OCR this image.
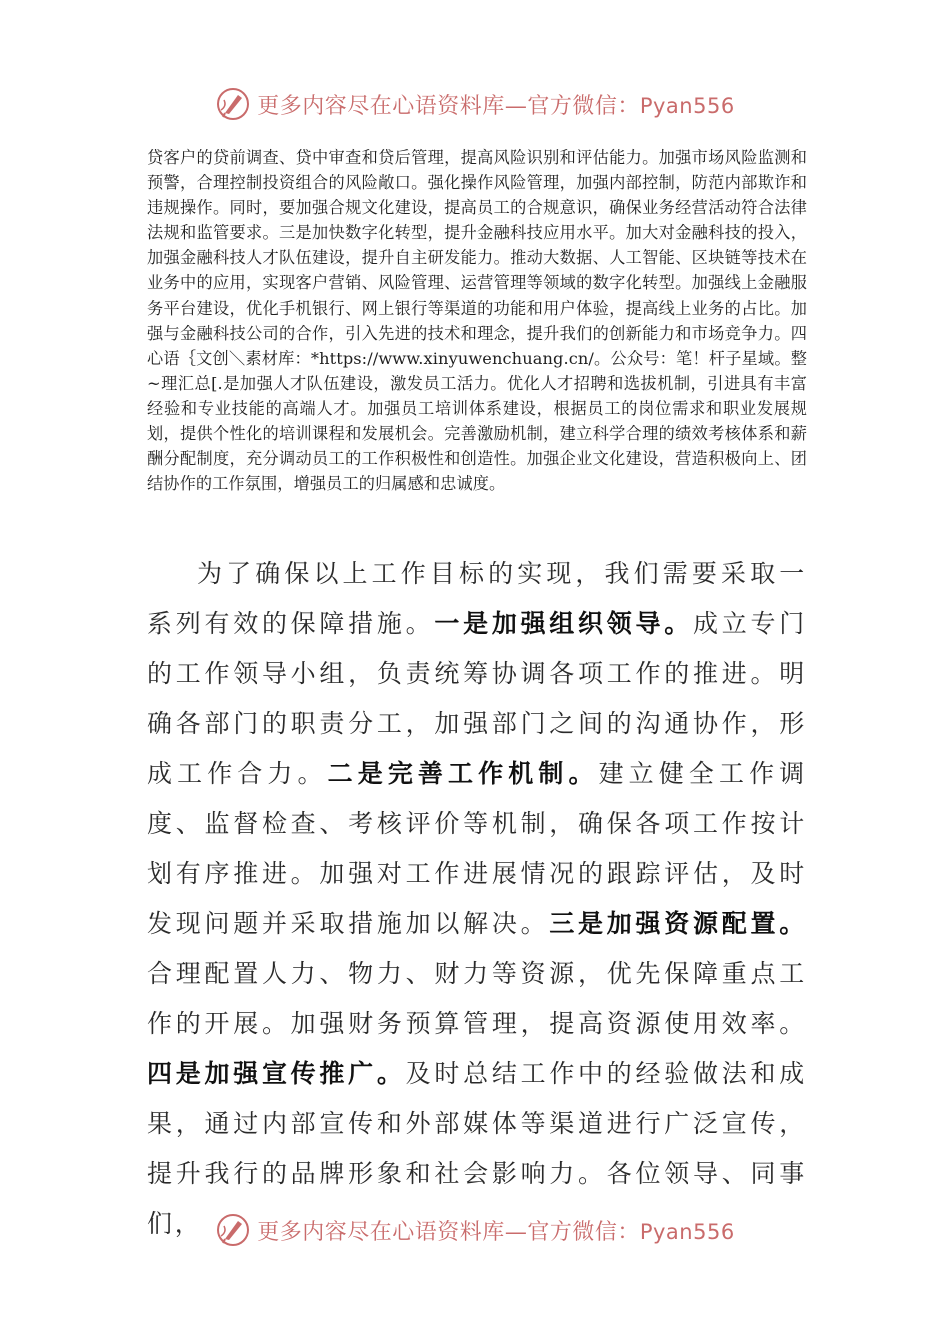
更多内容尽在心语资料库—官方微信：Pyan556
贷客户的贷前调查、贷中审查和贷后管理，提高风险识别和评估能力。加强市场风险监测和预警，合理控制投资组合的风险敞口。强化操作风险管理，加强内部控制，防范内部欺诈和违规操作。同时，要加强合规文化建设，提高员工的合规意识，确保业务经营活动符合法律法规和监管要求。三是加快数字化转型，提升金融科技应用水平。加大对金融科技的投入，加强金融科技人才队伍建设，提升自主研发能力。推动大数据、人工智能、区块链等技术在业务中的应用，实现客户营销、风险管理、运营管理等领域的数字化转型。加强线上金融服务平台建设，优化手机银行、网上银行等渠道的功能和用户体验，提高线上业务的占比。加强与金融科技公司的合作，引入先进的技术和理念，提升我们的创新能力和市场竞争力。四心语｛文创＼素材库：*https://www.xinyuwenchuang.cn/。公众号：笔！杆子星域。整~理汇总[.是加强人才队伍建设，激发员工活力。优化人才招聘和选拔机制，引进具有丰富经验和专业技能的高端人才。加强员工培训体系建设，根据员工的岗位需求和职业发展规划，提供个性化的培训课程和发展机会。完善激励机制，建立科学合理的绩效考核体系和薪酬分配制度，充分调动员工的工作积极性和创造性。加强企业文化建设，营造积极向上、团结协作的工作氛围，增强员工的归属感和忠诚度。

为了确保以上工作目标的实现，我们需要采取一系列有效的保障措施。一是加强组织领导。成立专门的工作领导小组，负责统筹协调各项工作的推进。明确各部门的职责分工，加强部门之间的沟通协作，形成工作合力。二是完善工作机制。建立健全工作调度、监督检查、考核评价等机制，确保各项工作按计划有序推进。加强对工作进展情况的跟踪评估，及时发现问题并采取措施加以解决。三是加强资源配置。合理配置人力、物力、财力等资源，优先保障重点工作的开展。加强财务预算管理，提高资源使用效率。四是加强宣传推广。及时总结工作中的经验做法和成果，通过内部宣传和外部媒体等渠道进行广泛宣传，提升我行的品牌形象和社会影响力。各位领导、同事们，	更多内容尽在心语资料库—官方微信：Pyan556
